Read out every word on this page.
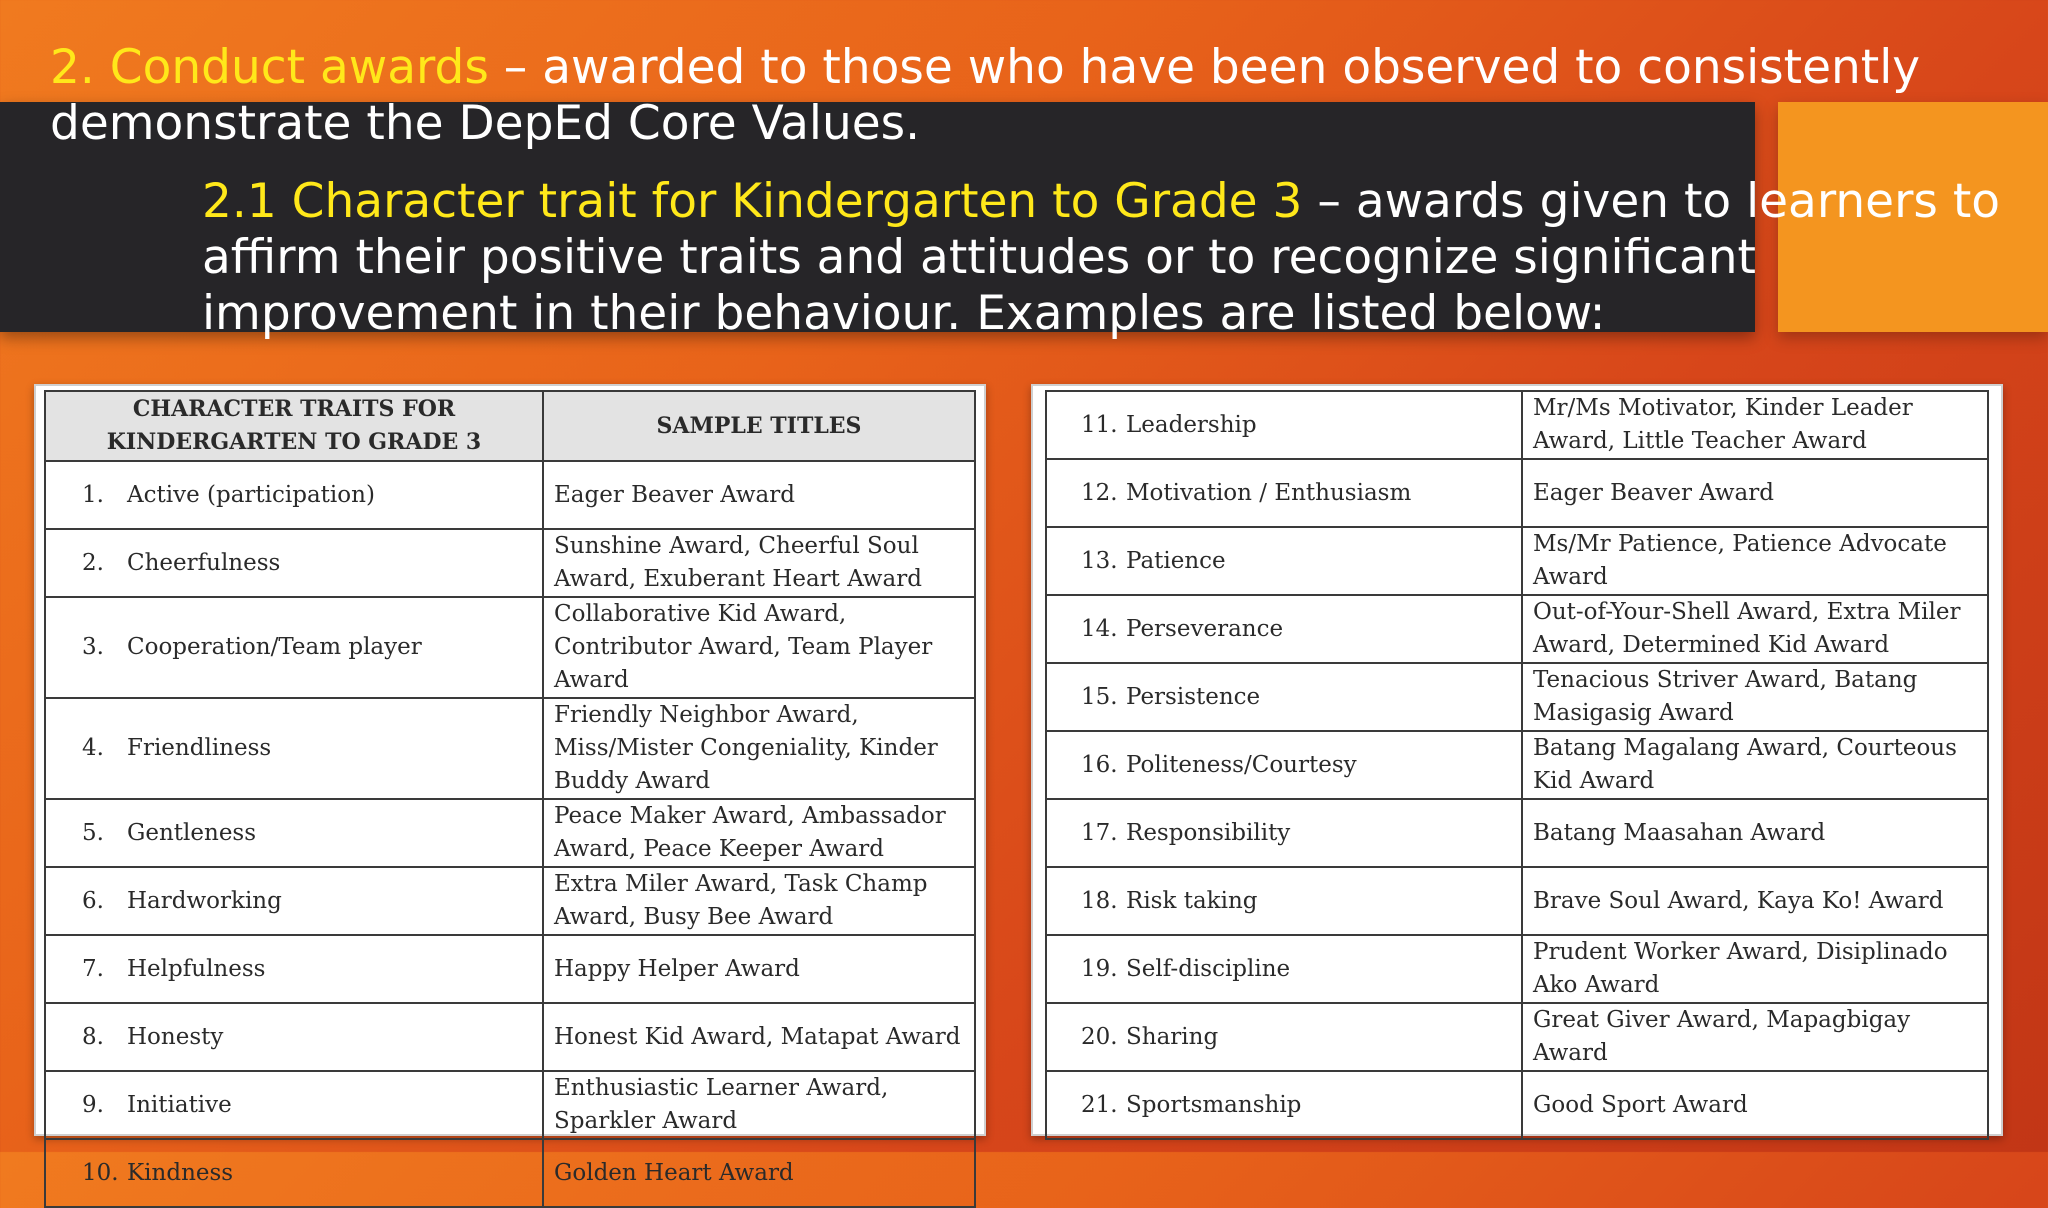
2. Conduct awards – awarded to those who have been observed to consistently demonstrate the DepEd Core Values.

2.1 Character trait for Kindergarten to Grade 3 – awards given to learners to affirm their positive traits and attitudes or to recognize significant improvement in their behaviour. Examples are listed below:

CHARACTER TRAITS FOR KINDERGARTEN TO GRADE 3	SAMPLE TITLES
1. Active (participation)	Eager Beaver Award
2. Cheerfulness	Sunshine Award, Cheerful Soul Award, Exuberant Heart Award
3. Cooperation/Team player	Collaborative Kid Award, Contributor Award, Team Player Award
4. Friendliness	Friendly Neighbor Award, Miss/Mister Congeniality, Kinder Buddy Award
5. Gentleness	Peace Maker Award, Ambassador Award, Peace Keeper Award
6. Hardworking	Extra Miler Award, Task Champ Award, Busy Bee Award
7. Helpfulness	Happy Helper Award
8. Honesty	Honest Kid Award, Matapat Award
9. Initiative	Enthusiastic Learner Award, Sparkler Award
10. Kindness	Golden Heart Award
11. Leadership	Mr/Ms Motivator, Kinder Leader Award, Little Teacher Award
12. Motivation / Enthusiasm	Eager Beaver Award
13. Patience	Ms/Mr Patience, Patience Advocate Award
14. Perseverance	Out-of-Your-Shell Award, Extra Miler Award, Determined Kid Award
15. Persistence	Tenacious Striver Award, Batang Masigasig Award
16. Politeness/Courtesy	Batang Magalang Award, Courteous Kid Award
17. Responsibility	Batang Maasahan Award
18. Risk taking	Brave Soul Award, Kaya Ko! Award
19. Self-discipline	Prudent Worker Award, Disiplinado Ako Award
20. Sharing	Great Giver Award, Mapagbigay Award
21. Sportsmanship	Good Sport Award
